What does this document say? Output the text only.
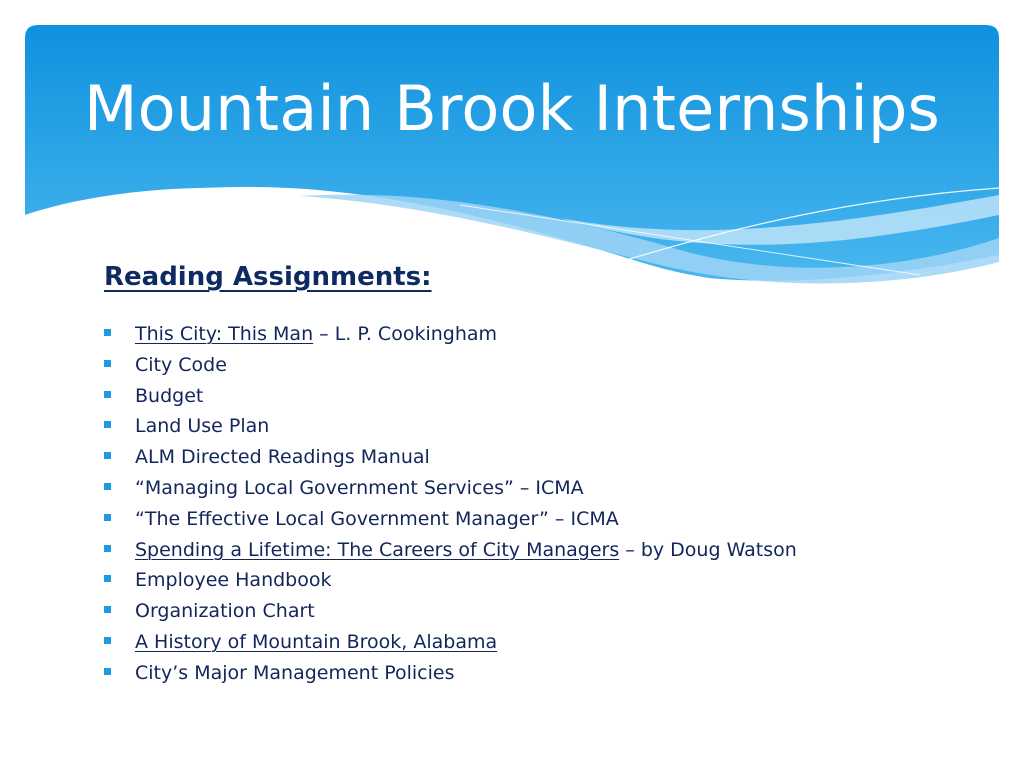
Mountain Brook Internships
Reading Assignments:
This City: This Man – L. P. Cookingham
City Code
Budget
Land Use Plan
ALM Directed Readings Manual
“Managing Local Government Services” – ICMA
“The Effective Local Government Manager” – ICMA
Spending a Lifetime: The Careers of City Managers – by Doug Watson
Employee Handbook
Organization Chart
A History of Mountain Brook, Alabama
City’s Major Management Policies
